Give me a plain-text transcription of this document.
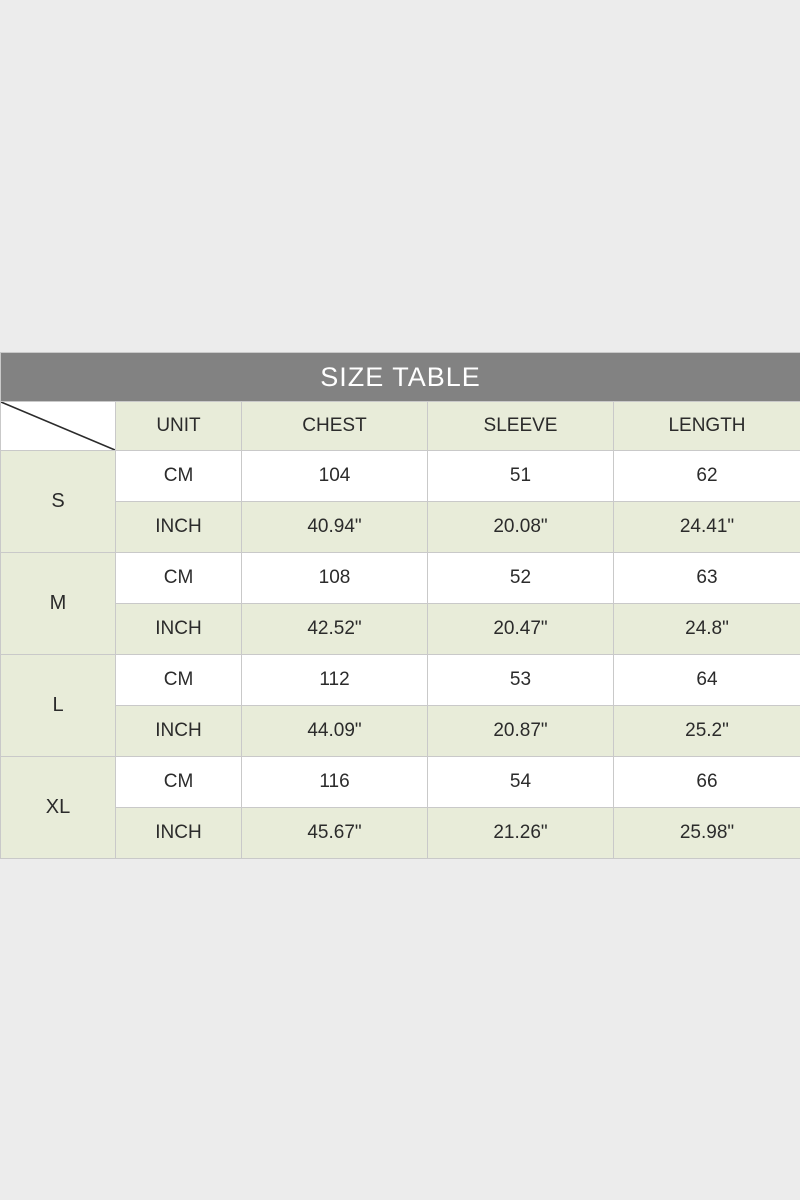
SIZE TABLE				

	UNIT	CHEST	SLEEVE	LENGTH
S	CM	104	51	62
	INCH	40.94"	20.08"	24.41"
M	CM	108	52	63
	INCH	42.52"	20.47"	24.8"
L	CM	112	53	64
	INCH	44.09"	20.87"	25.2"
XL	CM	116	54	66
	INCH	45.67"	21.26"	25.98"
